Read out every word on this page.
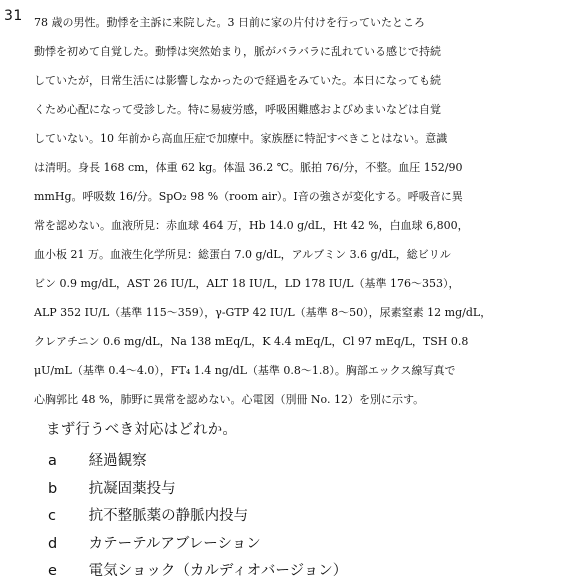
31 78 歳の男性。動悸を主訴に来院した。3 日前に家の片付けを行っていたところ
動悸を初めて自覚した。動悸は突然始まり，脈がバラバラに乱れている感じで持続
していたが，日常生活には影響しなかったので経過をみていた。本日になっても続
くため心配になって受診した。特に易疲労感，呼吸困難感およびめまいなどは自覚
していない。10 年前から高血圧症で加療中。家族歴に特記すべきことはない。意識
は清明。身長 168 cm，体重 62 kg。体温 36.2 ℃。脈拍 76/分，不整。血圧 152/90
mmHg。呼吸数 16/分。SpO₂ 98 %（room air）。Ⅰ音の強さが変化する。呼吸音に異
常を認めない。血液所見：赤血球 464 万，Hb 14.0 g/dL，Ht 42 %，白血球 6,800，
血小板 21 万。血液生化学所見：総蛋白 7.0 g/dL，アルブミン 3.6 g/dL，総ビリル
ビン 0.9 mg/dL，AST 26 IU/L，ALT 18 IU/L，LD 178 IU/L（基準 176～353），
ALP 352 IU/L（基準 115～359），γ-GTP 42 IU/L（基準 8～50），尿素窒素 12 mg/dL，
クレアチニン 0.6 mg/dL，Na 138 mEq/L，K 4.4 mEq/L，Cl 97 mEq/L，TSH 0.8
μU/mL（基準 0.4～4.0），FT₄ 1.4 ng/dL（基準 0.8～1.8）。胸部エックス線写真で
心胸郭比 48 %，肺野に異常を認めない。心電図（別冊 No. 12）を別に示す。
まず行うべき対応はどれか。
a 経過観察
b 抗凝固薬投与
c 抗不整脈薬の静脈内投与
d カテーテルアブレーション
e 電気ショック（カルディオバージョン）
